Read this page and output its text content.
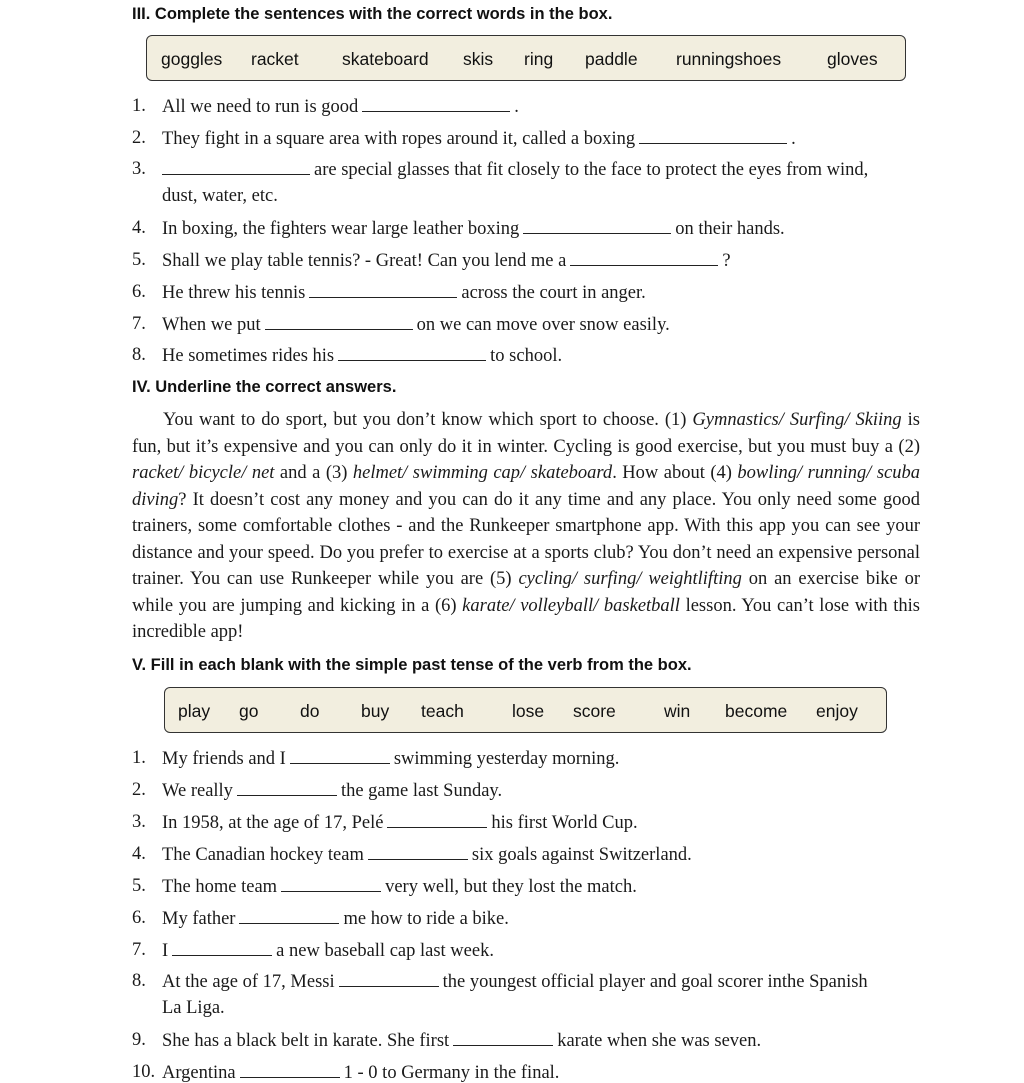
III. Complete the sentences with the correct words in the box.
goggles racket skateboard skis ring paddle runningshoes	gloves
1. All we need to run is good	.
2. They fight in a square area with ropes around it, called a boxing	.
3.	are special glasses that fit closely to the face to protect the eyes from wind,
dust, water, etc.
4. In boxing, the fighters wear large leather boxing	on their hands.
5. Shall we play table tennis? - Great! Can you lend me a	?
6. He threw his tennis	across the court in anger.
7. When we put	on we can move over snow easily.
8. He sometimes rides his	to school.
IV. Underline the correct answers.
You want to do sport, but you don’t know which sport to choose. (1) Gymnastics/ Surfing/ Skiing is fun, but it’s expensive and you can only do it in winter. Cycling is good exercise, but you must buy a (2) racket/ bicycle/ net and a (3) helmet/ swimming cap/ skateboard. How about (4) bowling/ running/ scuba diving? It doesn’t cost any money and you can do it any time and any place. You only need some good trainers, some comfortable clothes - and the Runkeeper smartphone app. With this app you can see your distance and your speed. Do you prefer to exercise at a sports club? You don’t need an expensive personal trainer. You can use Runkeeper while you are (5) cycling/ surfing/ weightlifting on an exercise bike or while you are jumping and kicking in a (6) karate/ volleyball/ basketball lesson. You can’t lose with this incredible app!
V. Fill in each blank with the simple past tense of the verb from the box.
play go do buy teach	lose score	win become enjoy
1. My friends and I	swimming yesterday morning.
2. We really	the game last Sunday.
3. In 1958, at the age of 17, Pelé	his first World Cup.
4. The Canadian hockey team	six goals against Switzerland.
5. The home team	very well, but they lost the match.
6. My father	me how to ride a bike.
7. I	a new baseball cap last week.
8. At the age of 17, Messi	the youngest official player and goal scorer inthe Spanish
La Liga.
9. She has a black belt in karate. She first	karate when she was seven.
10. Argentina	1 - 0 to Germany in the final.
